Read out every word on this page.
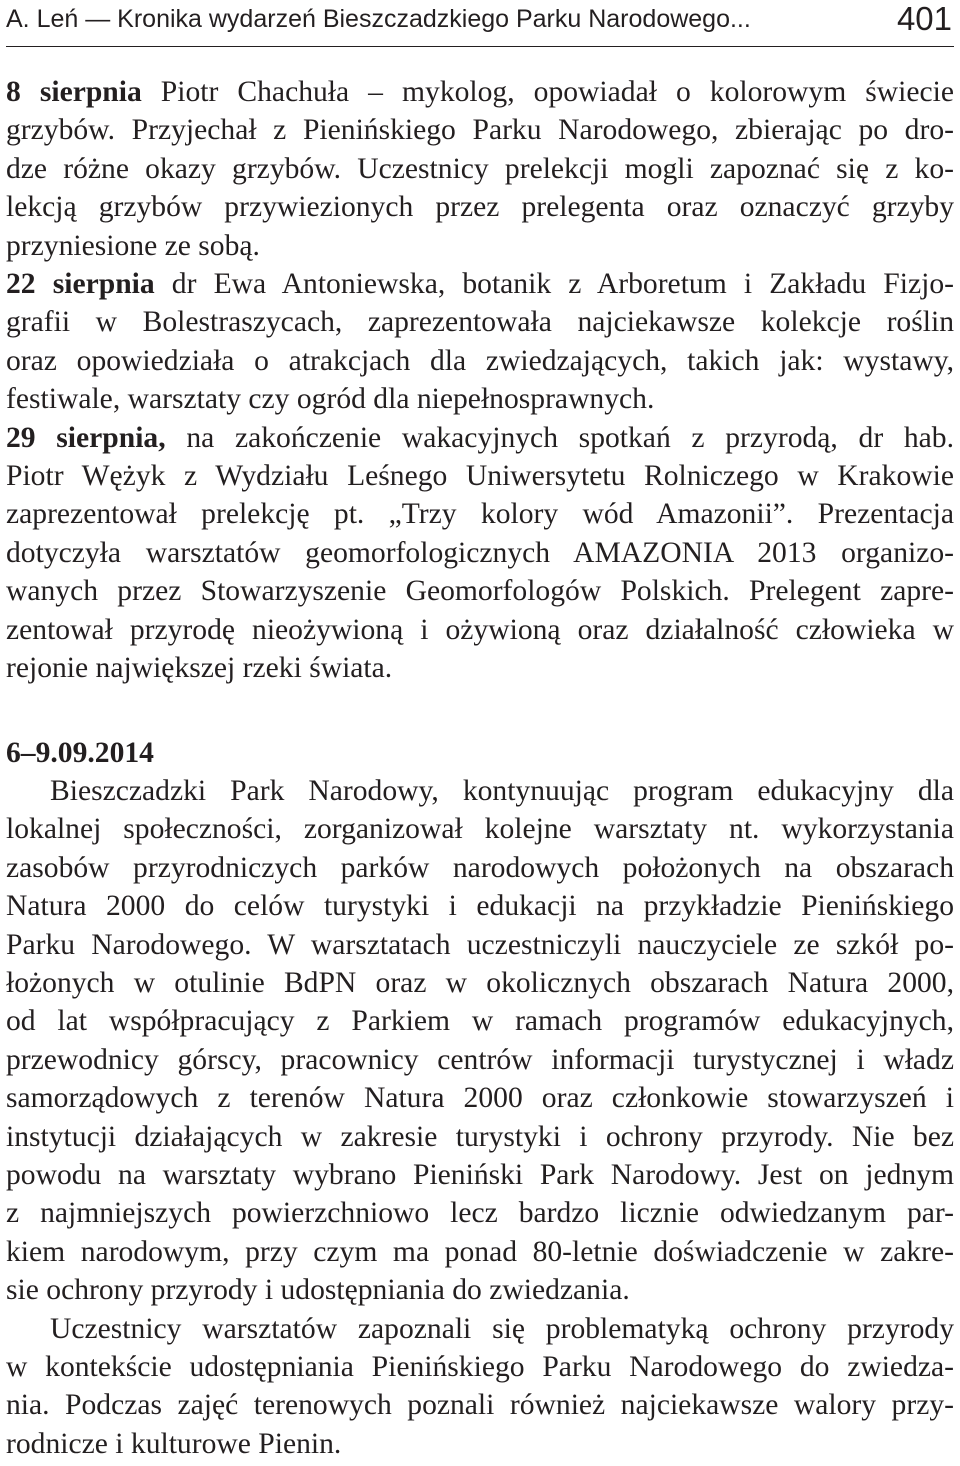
A. Leń — Kronika wydarzeń Bieszczadzkiego Parku Narodowego...	401
8 sierpnia Piotr Chachuła – mykolog, opowiadał o kolorowym świecie
grzybów. Przyjechał z Pienińskiego Parku Narodowego, zbierając po dro-
dze różne okazy grzybów. Uczestnicy prelekcji mogli zapoznać się z ko-
lekcją grzybów przywiezionych przez prelegenta oraz oznaczyć grzyby
przyniesione ze sobą.
22 sierpnia dr Ewa Antoniewska, botanik z Arboretum i Zakładu Fizjo-
grafii w Bolestraszycach, zaprezentowała najciekawsze kolekcje roślin
oraz opowiedziała o atrakcjach dla zwiedzających, takich jak: wystawy,
festiwale, warsztaty czy ogród dla niepełnosprawnych.
29 sierpnia, na zakończenie wakacyjnych spotkań z przyrodą, dr hab.
Piotr Wężyk z Wydziału Leśnego Uniwersytetu Rolniczego w Krakowie
zaprezentował prelekcję pt. „Trzy kolory wód Amazonii”. Prezentacja
dotyczyła warsztatów geomorfologicznych AMAZONIA 2013 organizo-
wanych przez Stowarzyszenie Geomorfologów Polskich. Prelegent zapre-
zentował przyrodę nieożywioną i ożywioną oraz działalność człowieka w
rejonie największej rzeki świata.
6–9.09.2014
Bieszczadzki Park Narodowy, kontynuując program edukacyjny dla
lokalnej społeczności, zorganizował kolejne warsztaty nt. wykorzystania
zasobów przyrodniczych parków narodowych położonych na obszarach
Natura 2000 do celów turystyki i edukacji na przykładzie Pienińskiego
Parku Narodowego. W warsztatach uczestniczyli nauczyciele ze szkół po-
łożonych w otulinie BdPN oraz w okolicznych obszarach Natura 2000,
od lat współpracujący z Parkiem w ramach programów edukacyjnych,
przewodnicy górscy, pracownicy centrów informacji turystycznej i władz
samorządowych z terenów Natura 2000 oraz członkowie stowarzyszeń i
instytucji działających w zakresie turystyki i ochrony przyrody. Nie bez
powodu na warsztaty wybrano Pieniński Park Narodowy. Jest on jednym
z najmniejszych powierzchniowo lecz bardzo licznie odwiedzanym par-
kiem narodowym, przy czym ma ponad 80-letnie doświadczenie w zakre-
sie ochrony przyrody i udostępniania do zwiedzania.
Uczestnicy warsztatów zapoznali się problematyką ochrony przyrody
w kontekście udostępniania Pienińskiego Parku Narodowego do zwiedza-
nia. Podczas zajęć terenowych poznali również najciekawsze walory przy-
rodnicze i kulturowe Pienin.
